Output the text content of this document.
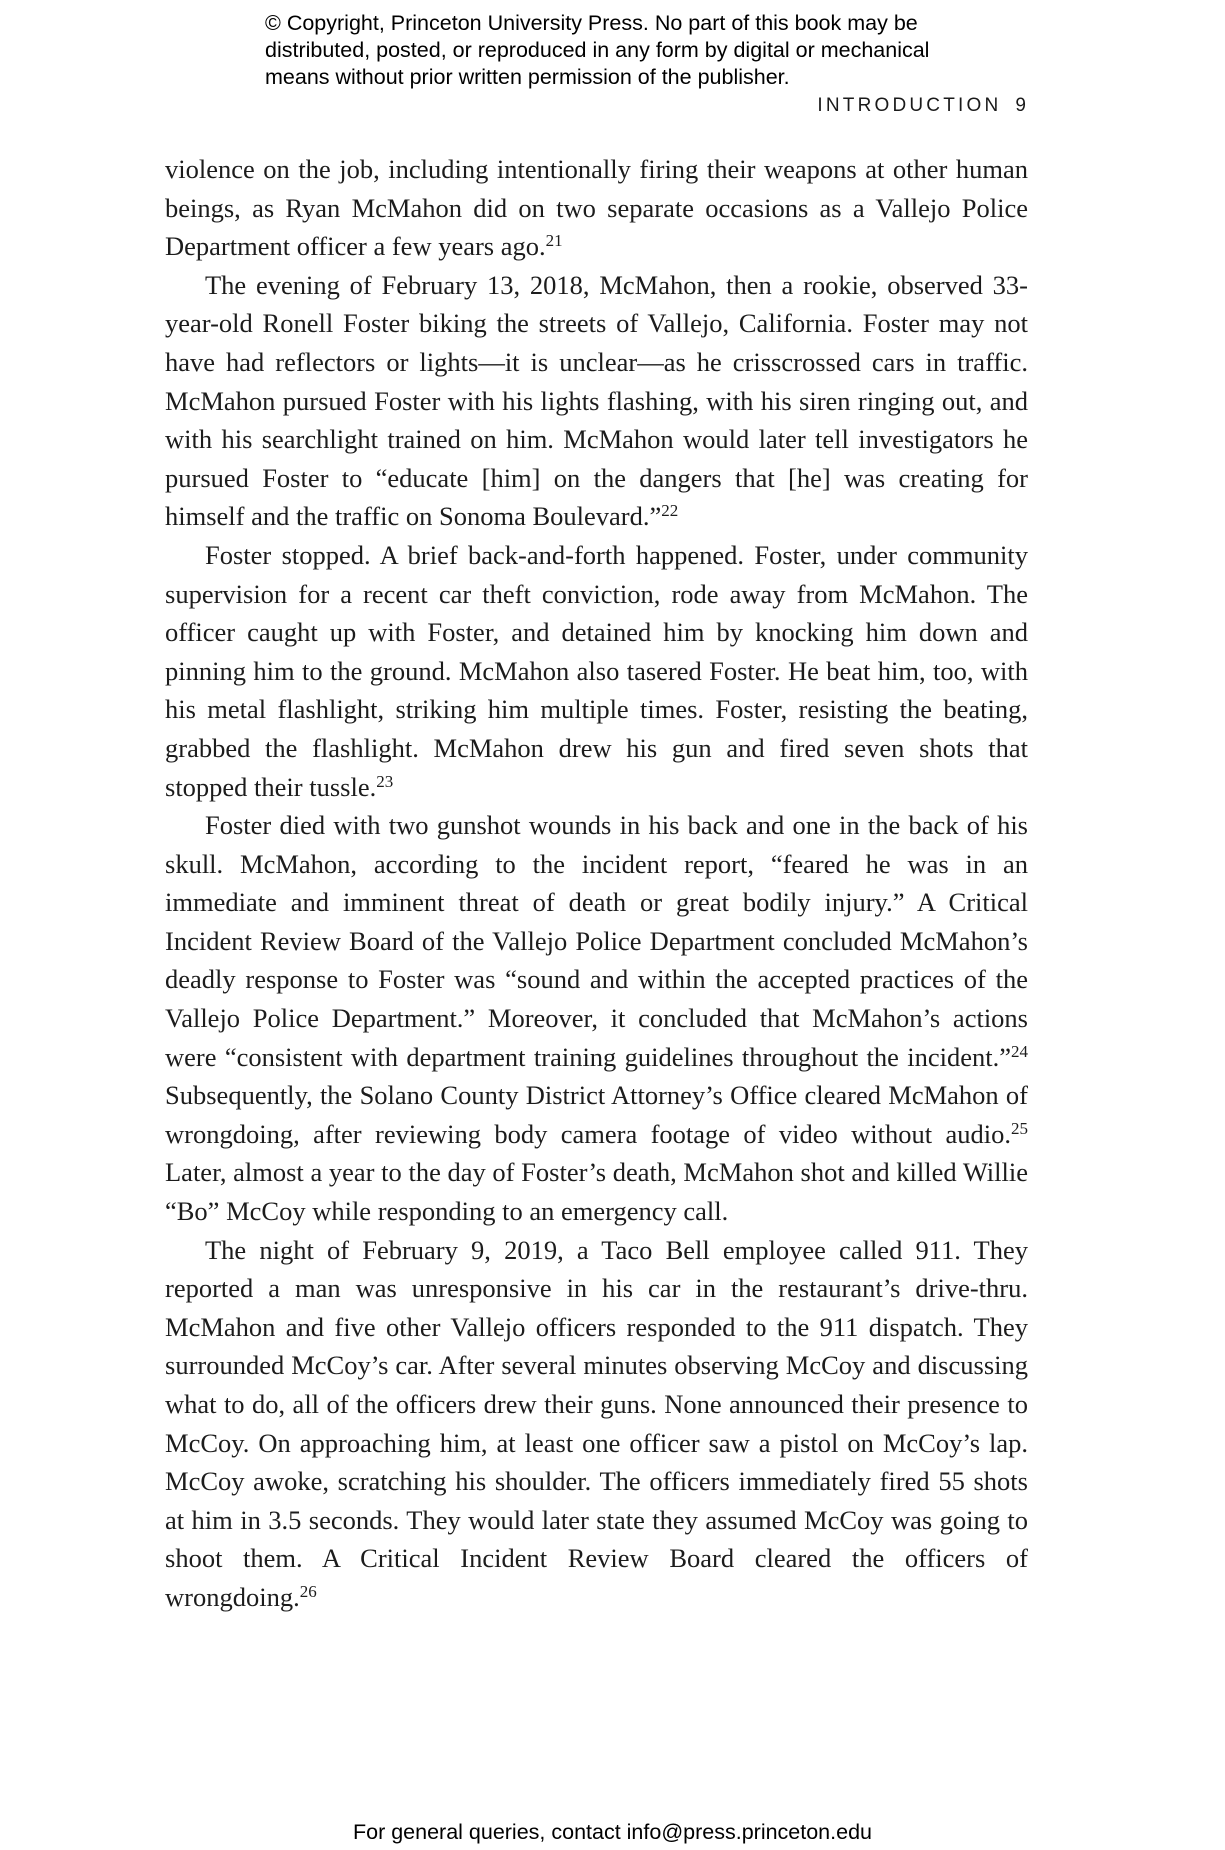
© Copyright, Princeton University Press. No part of this book may be
distributed, posted, or reproduced in any form by digital or mechanical
means without prior written permission of the publisher.
INTRODUCTION 9

violence on the job, including intentionally firing their weapons at other human beings, as Ryan McMahon did on two separate occasions as a Vallejo Police Department officer a few years ago.$^{21}$

The evening of February 13, 2018, McMahon, then a rookie, observed 33-year-old Ronell Foster biking the streets of Vallejo, California. Foster may not have had reflectors or lights—it is unclear—as he crisscrossed cars in traffic. McMahon pursued Foster with his lights flashing, with his siren ringing out, and with his searchlight trained on him. McMahon would later tell investigators he pursued Foster to “educate [him] on the dangers that [he] was creating for himself and the traffic on Sonoma Boulevard.”$^{22}$

Foster stopped. A brief back-and-forth happened. Foster, under community supervision for a recent car theft conviction, rode away from McMahon. The officer caught up with Foster, and detained him by knocking him down and pinning him to the ground. McMahon also tasered Foster. He beat him, too, with his metal flashlight, striking him multiple times. Foster, resisting the beating, grabbed the flashlight. McMahon drew his gun and fired seven shots that stopped their tussle.$^{23}$

Foster died with two gunshot wounds in his back and one in the back of his skull. McMahon, according to the incident report, “feared he was in an immediate and imminent threat of death or great bodily injury.” A Critical Incident Review Board of the Vallejo Police Department concluded McMahon’s deadly response to Foster was “sound and within the accepted practices of the Vallejo Police Department.” Moreover, it concluded that McMahon’s actions were “consistent with department training guidelines throughout the incident.”$^{24}$ Subsequently, the Solano County District Attorney’s Office cleared McMahon of wrongdoing, after reviewing body camera footage of video without audio.$^{25}$ Later, almost a year to the day of Foster’s death, McMahon shot and killed Willie “Bo” McCoy while responding to an emergency call.

The night of February 9, 2019, a Taco Bell employee called 911. They reported a man was unresponsive in his car in the restaurant’s drive-thru. McMahon and five other Vallejo officers responded to the 911 dispatch. They surrounded McCoy’s car. After several minutes observing McCoy and discussing what to do, all of the officers drew their guns. None announced their presence to McCoy. On approaching him, at least one officer saw a pistol on McCoy’s lap. McCoy awoke, scratching his shoulder. The officers immediately fired 55 shots at him in 3.5 seconds. They would later state they assumed McCoy was going to shoot them. A Critical Incident Review Board cleared the officers of wrongdoing.$^{26}$

For general queries, contact info@press.princeton.edu
